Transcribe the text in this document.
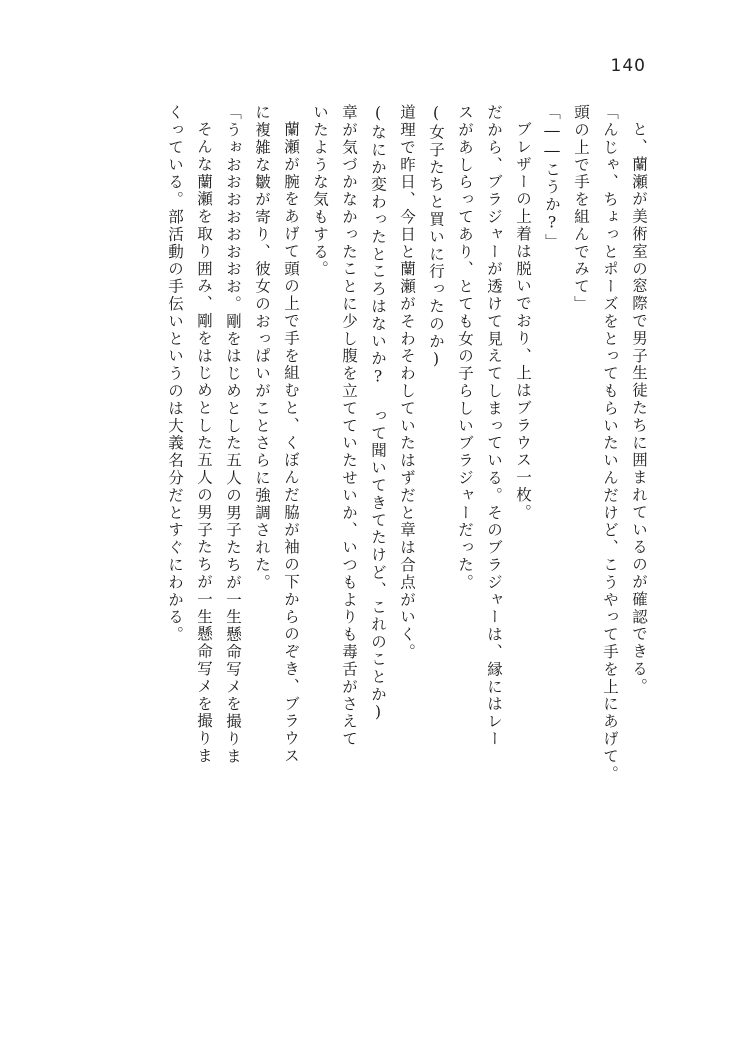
140
と、蘭瀬が美術室の窓際で男子生徒たちに囲まれているのが確認できる。
「んじゃ、ちょっとポーズをとってもらいたいんだけど、こうやって手を上にあげて。
頭の上で手を組んでみて」
「――こうか?」
ブレザーの上着は脱いでおり、上はブラウス一枚。
だから、ブラジャーが透けて見えてしまっている。そのブラジャーは、縁にはレー
スがあしらってあり、とても女の子らしいブラジャーだった。
(女子たちと買いに行ったのか)
道理で昨日、今日と蘭瀬がそわそわしていたはずだと章は合点がいく。
(なにか変わったところはないか? って聞いてきてたけど、これのことか)
章が気づかなかったことに少し腹を立てていたせいか、いつもよりも毒舌がさえて
いたような気もする。
蘭瀬が腕をあげて頭の上で手を組むと、くぼんだ脇が袖の下からのぞき、ブラウス
に複雑な皺が寄り、彼女のおっぱいがことさらに強調された。
「うぉおおおおおおおお。剛をはじめとした五人の男子たちが一生懸命写メを撮りま
そんな蘭瀬を取り囲み、剛をはじめとした五人の男子たちが一生懸命写メを撮りま
くっている。部活動の手伝いというのは大義名分だとすぐにわかる。
